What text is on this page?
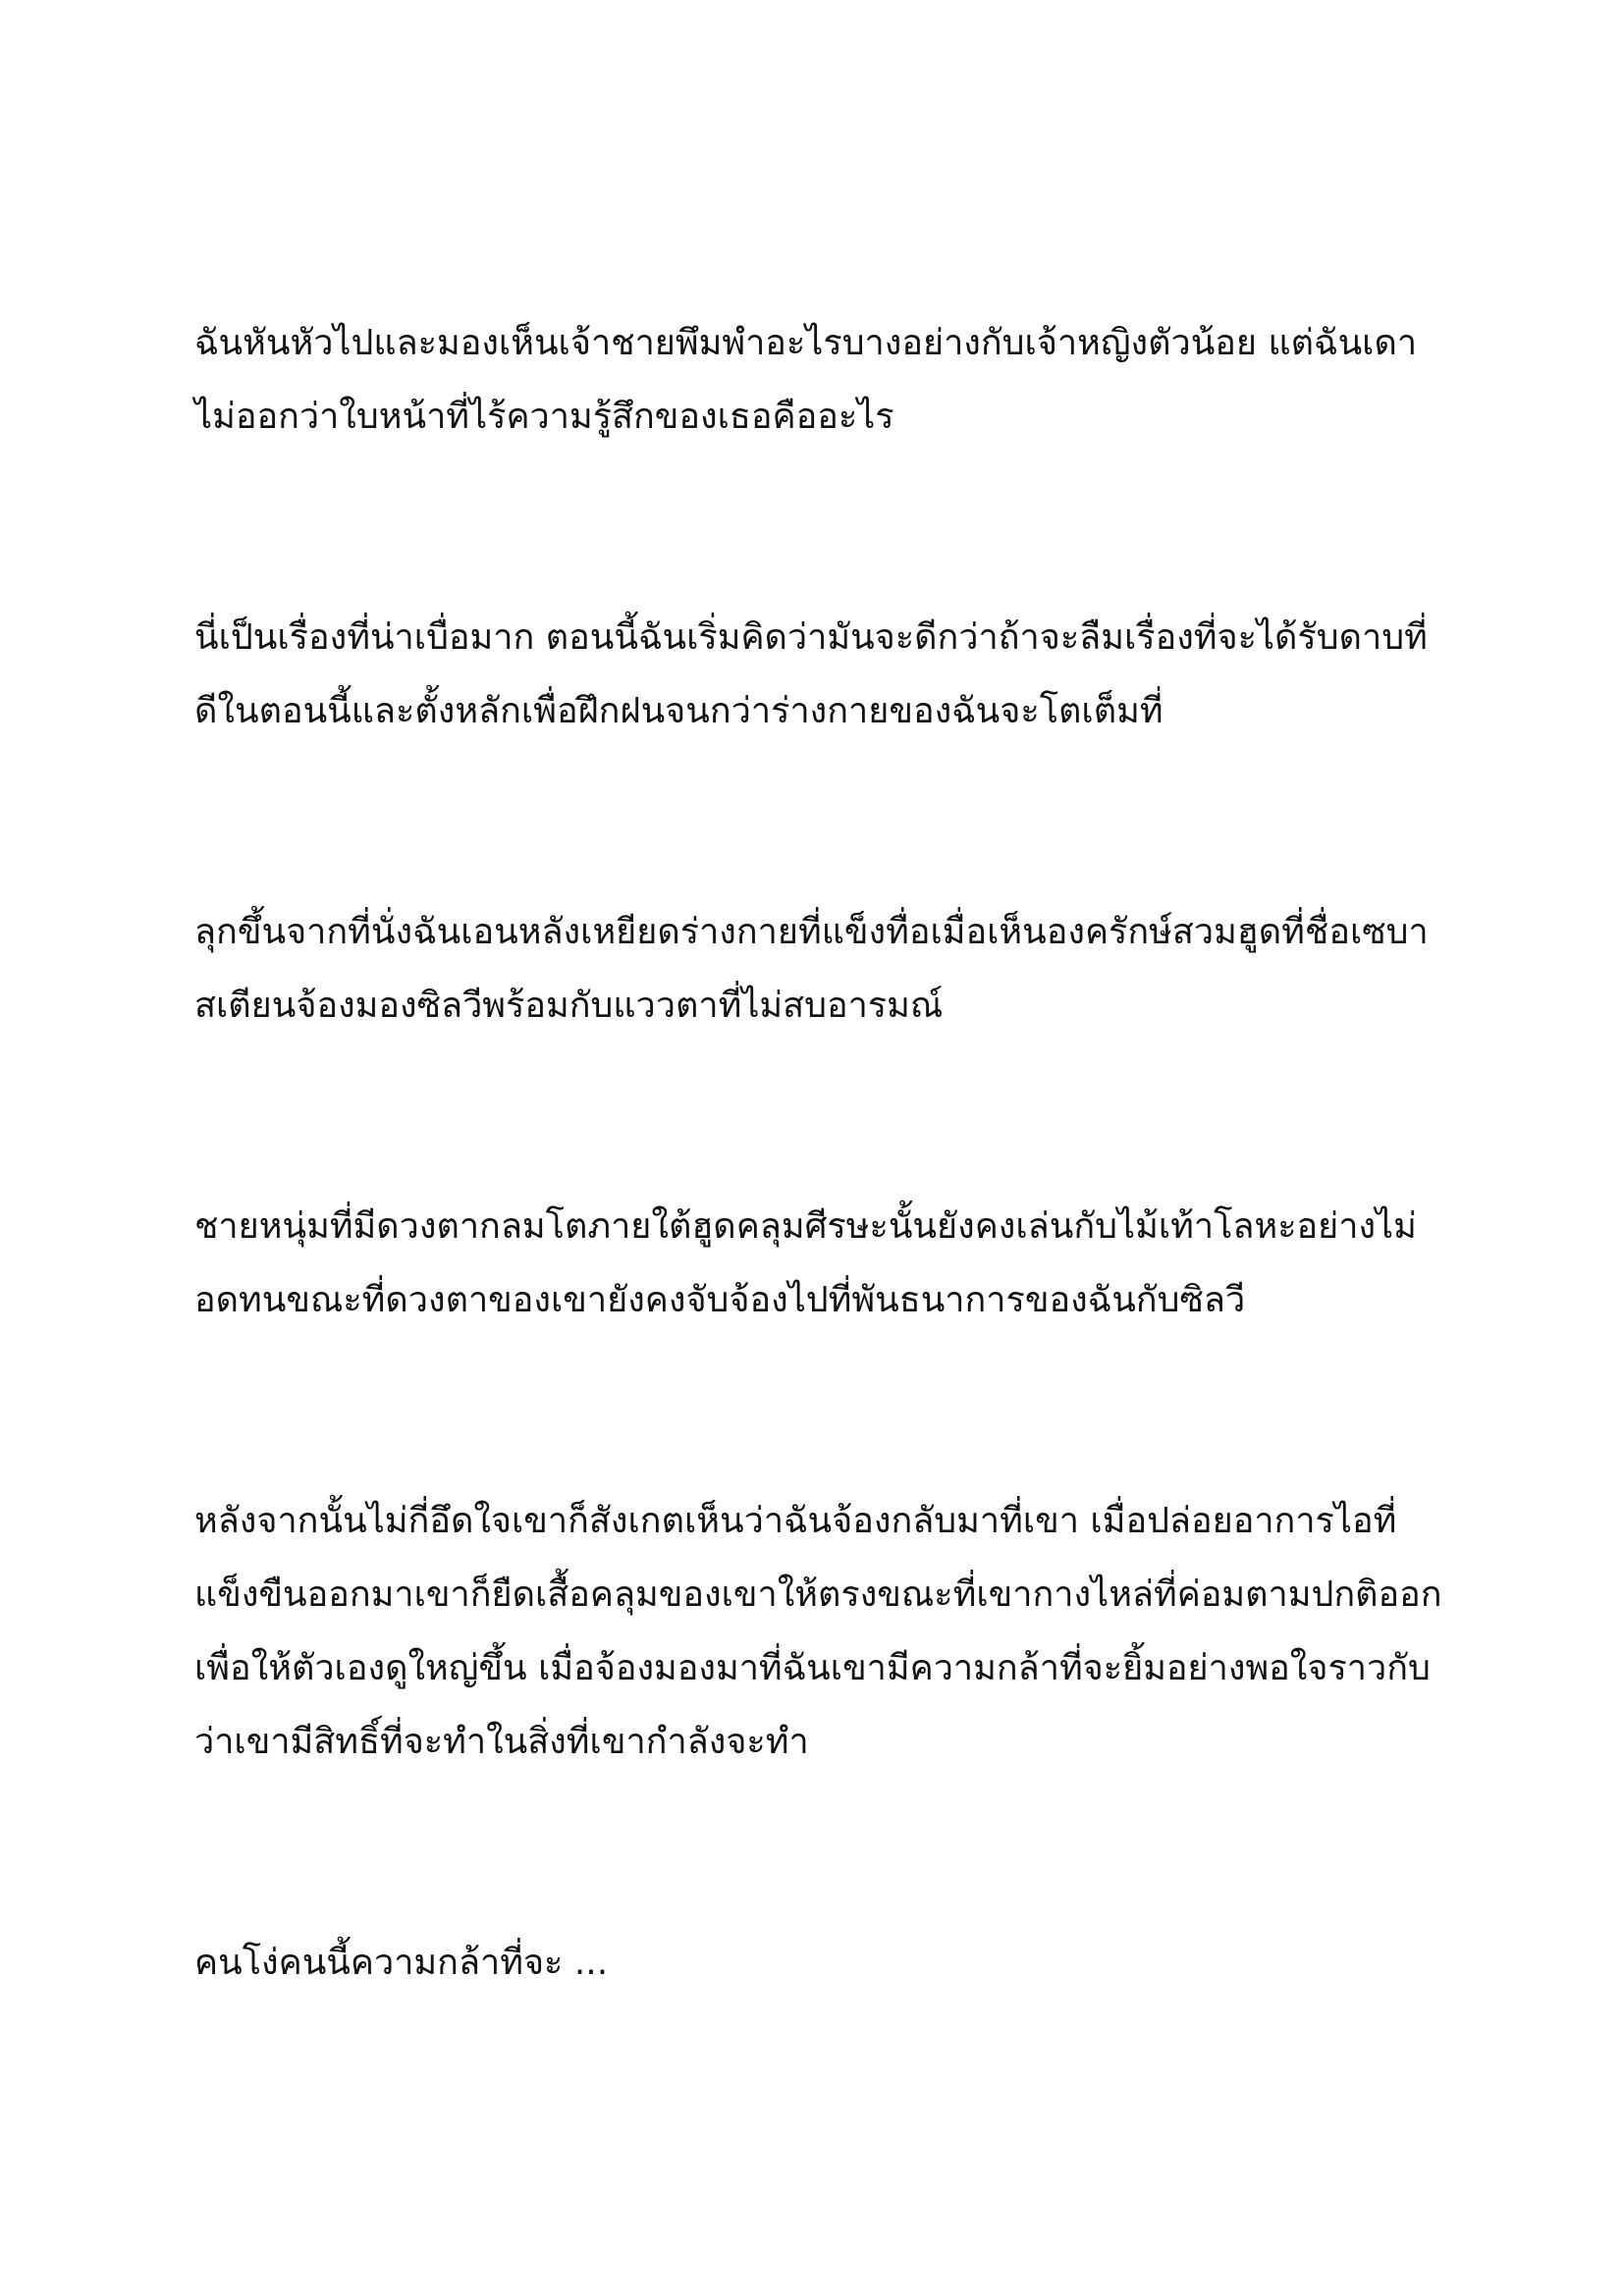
ฉันหันหัวไปและมองเห็นเจ้าชายพึมพำอะไรบางอย่างกับเจ้าหญิงตัวน้อย แต่ฉันเดา
ไม่ออกว่าใบหน้าที่ไร้ความรู้สึกของเธอคืออะไร

นี่เป็นเรื่องที่น่าเบื่อมาก ตอนนี้ฉันเริ่มคิดว่ามันจะดีกว่าถ้าจะลืมเรื่องที่จะได้รับดาบที่
ดีในตอนนี้และตั้งหลักเพื่อฝึกฝนจนกว่าร่างกายของฉันจะโตเต็มที่

ลุกขึ้นจากที่นั่งฉันเอนหลังเหยียดร่างกายที่แข็งทื่อเมื่อเห็นองครักษ์สวมฮูดที่ชื่อเซบา
สเตียนจ้องมองซิลวีพร้อมกับแววตาที่ไม่สบอารมณ์

ชายหนุ่มที่มีดวงตากลมโตภายใต้ฮูดคลุมศีรษะนั้นยังคงเล่นกับไม้เท้าโลหะอย่างไม่
อดทนขณะที่ดวงตาของเขายังคงจับจ้องไปที่พันธนาการของฉันกับซิลวี

หลังจากนั้นไม่กี่อึดใจเขาก็สังเกตเห็นว่าฉันจ้องกลับมาที่เขา เมื่อปล่อยอาการไอที่
แข็งขืนออกมาเขาก็ยืดเสื้อคลุมของเขาให้ตรงขณะที่เขากางไหล่ที่ค่อมตามปกติออก
เพื่อให้ตัวเองดูใหญ่ขึ้น เมื่อจ้องมองมาที่ฉันเขามีความกล้าที่จะยิ้มอย่างพอใจราวกับ
ว่าเขามีสิทธิ์ที่จะทำในสิ่งที่เขากำลังจะทำ

คนโง่คนนี้ความกล้าที่จะ ...
